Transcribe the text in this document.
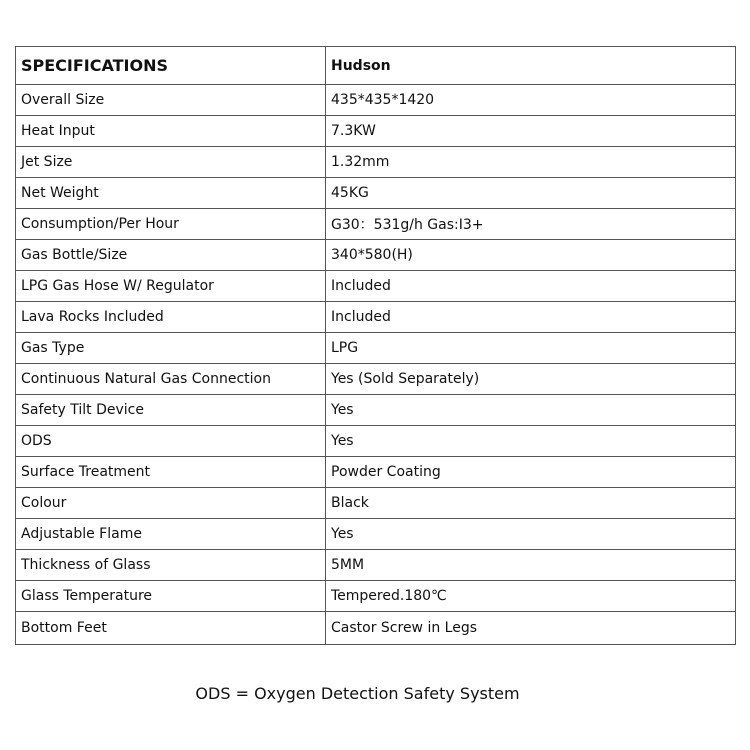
SPECIFICATIONS	Hudson
Overall Size	435*435*1420
Heat Input	7.3KW
Jet Size	1.32mm
Net Weight	45KG
Consumption/Per Hour	G30：531g/h Gas:I3+
Gas Bottle/Size	340*580(H)
LPG Gas Hose W/ Regulator	Included
Lava Rocks Included	Included
Gas Type	LPG
Continuous Natural Gas Connection	Yes (Sold Separately)
Safety Tilt Device	Yes
ODS	Yes
Surface Treatment	Powder Coating
Colour	Black
Adjustable Flame	Yes
Thickness of Glass	5MM
Glass Temperature	Tempered.180℃
Bottom Feet	Castor Screw in Legs
ODS = Oxygen Detection Safety System
